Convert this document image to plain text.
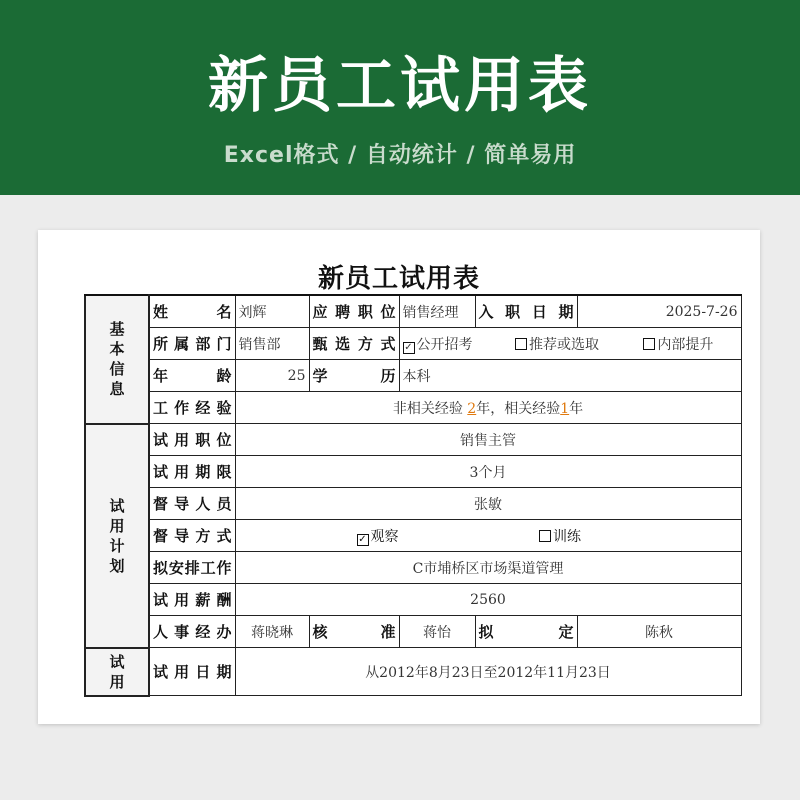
新员工试用表
Excel格式 / 自动统计 / 简单易用
新员工试用表
基本信息	姓名	刘辉	应聘职位	销售经理	入职日期	2025-7-26
	所属部门	销售部	甄选方式	✓ 公开招考 推荐或选取 内部提升		
	年龄	25	学历	本科		
	工作经验	非相关经验 2年，相关经验1年				
试用计划	试用职位	销售主管				
	试用期限	3个月				
	督导人员	张敏				
	督导方式	✓ 观察 训练				
	拟安排工作	C市埔桥区市场渠道管理				
	试用薪酬	2560				
	人事经办	蒋晓琳	核准	蒋怡	拟定	陈秋
试用	试用日期	从2012年8月23日至2012年11月23日				
